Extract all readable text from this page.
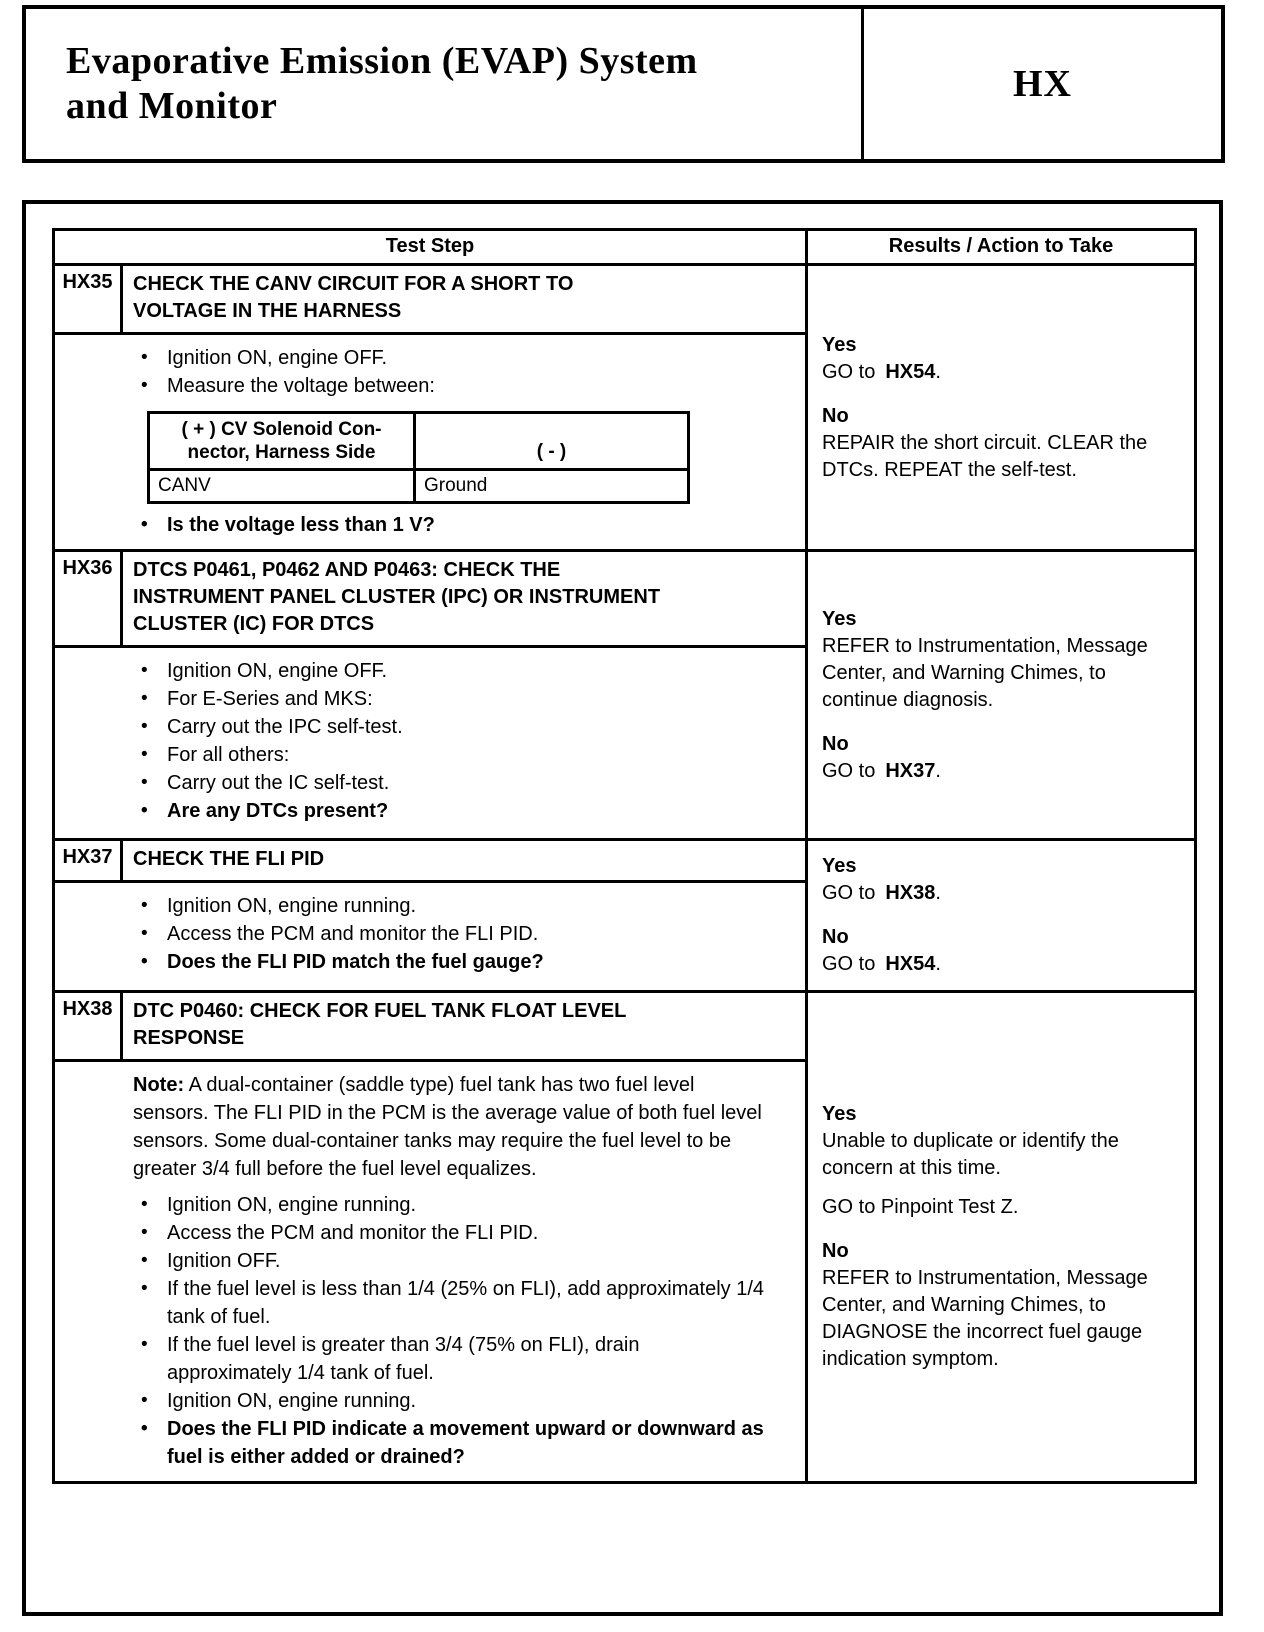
Evaporative Emission (EVAP) System
and Monitor
HX
Test Step	Results / Action to Take
HX35	CHECK THE CANV CIRCUIT FOR A SHORT TO
VOLTAGE IN THE HARNESS
• Ignition ON, engine OFF.
• Measure the voltage between:
( + ) CV Solenoid Con-
nector, Harness Side	( - )
CANV	Ground
• Is the voltage less than 1 V?
Yes
GO to HX54.
No
REPAIR the short circuit. CLEAR the DTCs. REPEAT the self-test.
HX36	DTCS P0461, P0462 AND P0463: CHECK THE
INSTRUMENT PANEL CLUSTER (IPC) OR INSTRUMENT
CLUSTER (IC) FOR DTCS
• Ignition ON, engine OFF.
• For E-Series and MKS:
• Carry out the IPC self-test.
• For all others:
• Carry out the IC self-test.
• Are any DTCs present?
Yes
REFER to Instrumentation, Message Center, and Warning Chimes, to continue diagnosis.
No
GO to HX37.
HX37	CHECK THE FLI PID
• Ignition ON, engine running.
• Access the PCM and monitor the FLI PID.
• Does the FLI PID match the fuel gauge?
Yes
GO to HX38.
No
GO to HX54.
HX38	DTC P0460: CHECK FOR FUEL TANK FLOAT LEVEL
RESPONSE
Note: A dual-container (saddle type) fuel tank has two fuel level sensors. The FLI PID in the PCM is the average value of both fuel level sensors. Some dual-container tanks may require the fuel level to be greater 3/4 full before the fuel level equalizes.
• Ignition ON, engine running.
• Access the PCM and monitor the FLI PID.
• Ignition OFF.
• If the fuel level is less than 1/4 (25% on FLI), add approximately 1/4 tank of fuel.
• If the fuel level is greater than 3/4 (75% on FLI), drain approximately 1/4 tank of fuel.
• Ignition ON, engine running.
• Does the FLI PID indicate a movement upward or downward as fuel is either added or drained?
Yes
Unable to duplicate or identify the concern at this time.
GO to Pinpoint Test Z.
No
REFER to Instrumentation, Message Center, and Warning Chimes, to DIAGNOSE the incorrect fuel gauge indication symptom.
